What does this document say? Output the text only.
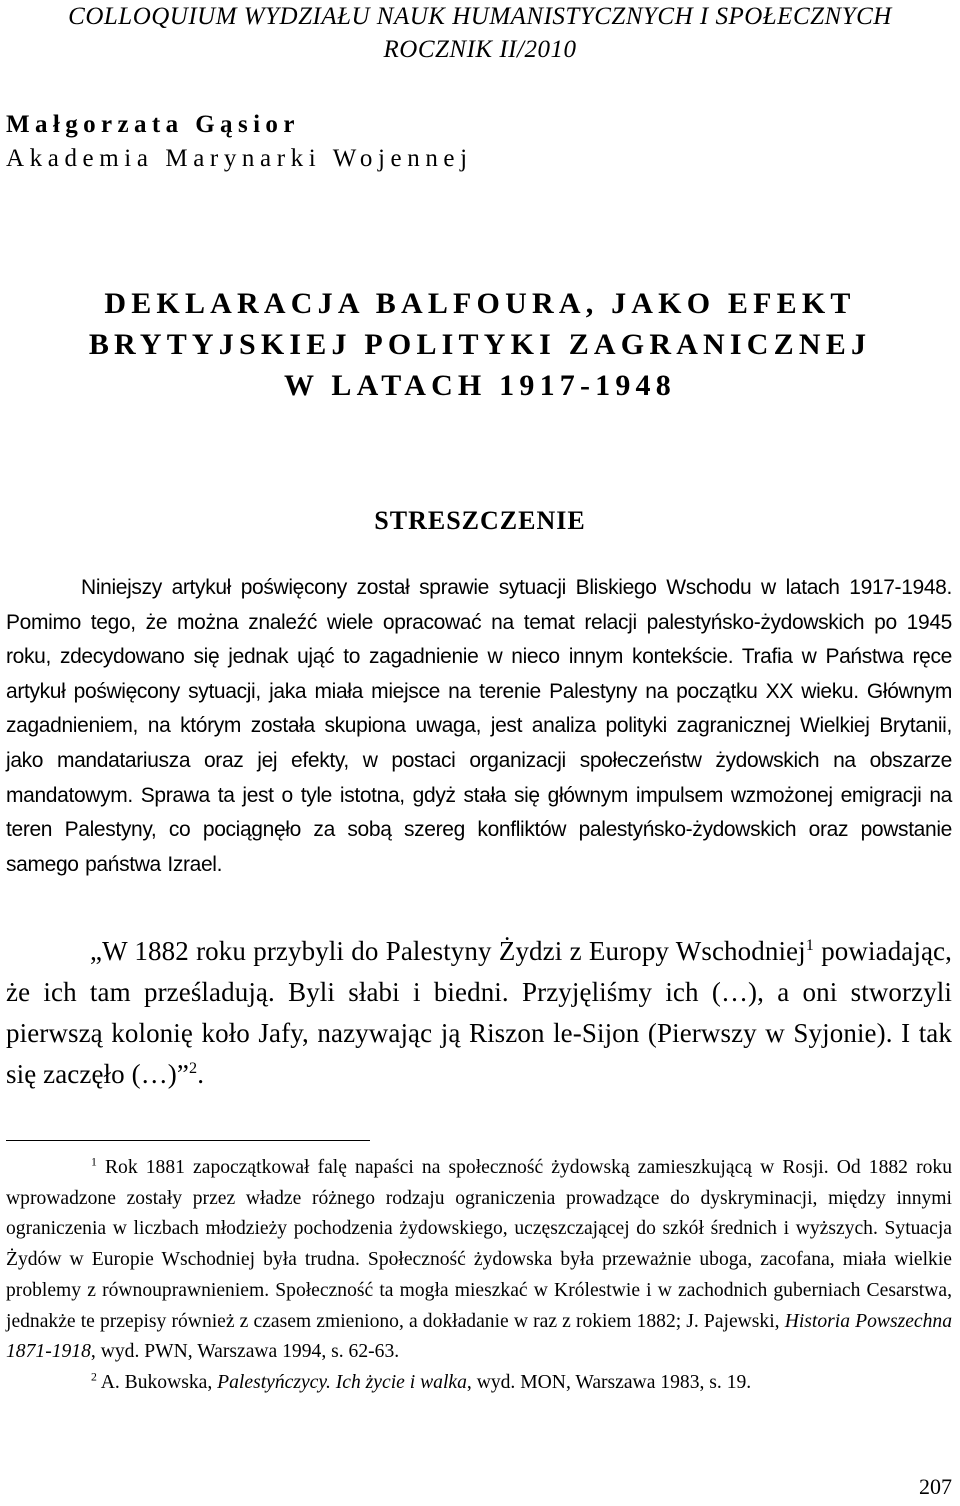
COLLOQUIUM WYDZIAŁU NAUK HUMANISTYCZNYCH I SPOŁECZNYCH
ROCZNIK II/2010
Małgorzata Gąsior
Akademia Marynarki Wojennej
DEKLARACJA BALFOURA, JAKO EFEKT
BRYTYJSKIEJ POLITYKI ZAGRANICZNEJ
W LATACH 1917-1948
STRESZCZENIE

Niniejszy artykuł poświęcony został sprawie sytuacji Bliskiego Wschodu w latach 1917-1948. Pomimo tego, że można znaleźć wiele opracować na temat relacji palestyńsko-żydowskich po 1945 roku, zdecydowano się jednak ująć to zagadnienie w nieco innym kontekście. Trafia w Państwa ręce artykuł poświęcony sytuacji, jaka miała miejsce na terenie Palestyny na początku XX wieku. Głównym zagadnieniem, na którym została skupiona uwaga, jest analiza polityki zagranicznej Wielkiej Brytanii, jako mandatariusza oraz jej efekty, w postaci organizacji społeczeństw żydowskich na obszarze mandatowym. Sprawa ta jest o tyle istotna, gdyż stała się głównym impulsem wzmożonej emigracji na teren Palestyny, co pociągnęło za sobą szereg konfliktów palestyńsko-żydowskich oraz powstanie samego państwa Izrael.

„W 1882 roku przybyli do Palestyny Żydzi z Europy Wschodniej$^1$ powiadając, że ich tam prześladują. Byli słabi i biedni. Przyjęliśmy ich (…), a oni stworzyli pierwszą kolonię koło Jafy, nazywając ją Riszon le-Sijon (Pierwszy w Syjonie). I tak się zaczęło (…)”$^2$.

$^1$ Rok 1881 zapoczątkował falę napaści na społeczność żydowską zamieszkującą w Rosji. Od 1882 roku wprowadzone zostały przez władze różnego rodzaju ograniczenia prowadzące do dyskryminacji, między innymi ograniczenia w liczbach młodzieży pochodzenia żydowskiego, uczęszczającej do szkół średnich i wyższych. Sytuacja Żydów w Europie Wschodniej była trudna. Społeczność żydowska była przeważnie uboga, zacofana, miała wielkie problemy z równouprawnieniem. Społeczność ta mogła mieszkać w Królestwie i w zachodnich guberniach Cesarstwa, jednakże te przepisy również z czasem zmieniono, a dokładanie w raz z rokiem 1882; J. Pajewski, Historia Powszechna 1871-1918, wyd. PWN, Warszawa 1994, s. 62-63.

$^2$ A. Bukowska, Palestyńczycy. Ich życie i walka, wyd. MON, Warszawa 1983, s. 19.

207
